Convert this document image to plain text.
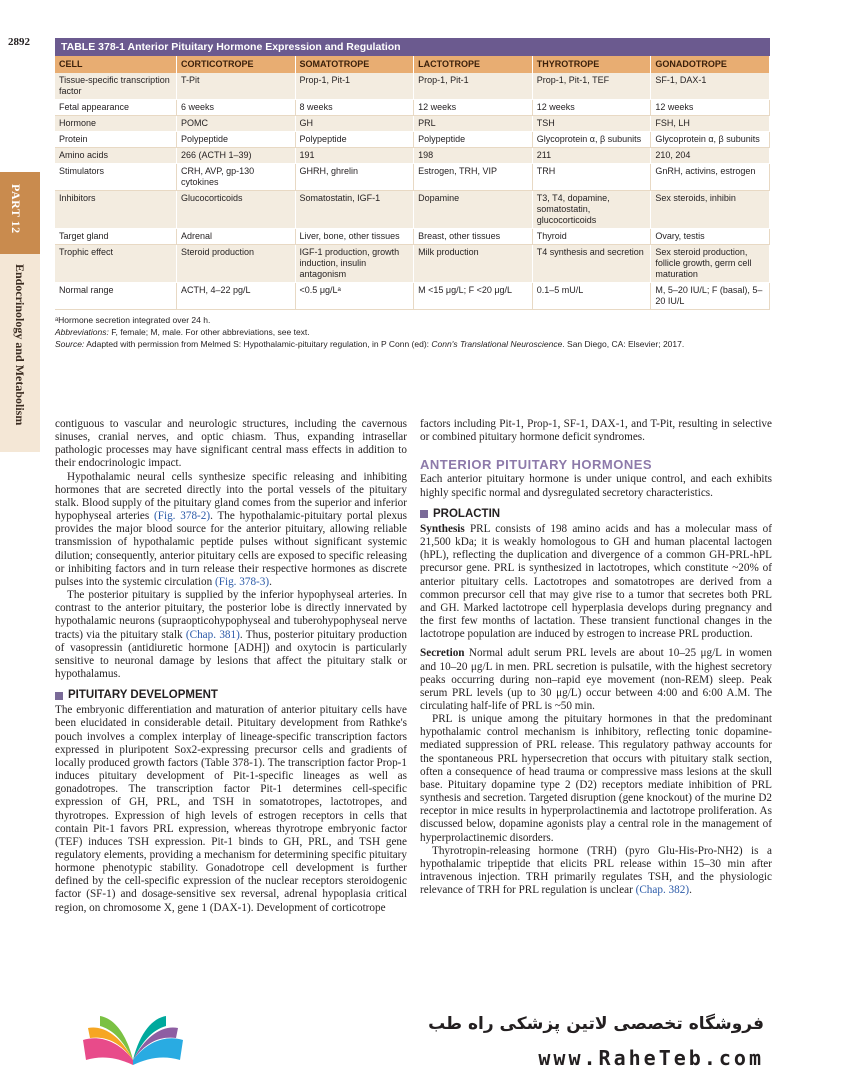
2892
PART 12
Endocrinology and Metabolism
TABLE 378-1 Anterior Pituitary Hormone Expression and Regulation
CELL	CORTICOTROPE	SOMATOTROPE	LACTOTROPE	THYROTROPE	GONADOTROPE
Tissue-specific transcription factor	T-Pit	Prop-1, Pit-1	Prop-1, Pit-1	Prop-1, Pit-1, TEF	SF-1, DAX-1
Fetal appearance	6 weeks	8 weeks	12 weeks	12 weeks	12 weeks
Hormone	POMC	GH	PRL	TSH	FSH, LH
Protein	Polypeptide	Polypeptide	Polypeptide	Glycoprotein α, β subunits	Glycoprotein α, β subunits
Amino acids	266 (ACTH 1–39)	191	198	211	210, 204
Stimulators	CRH, AVP, gp-130 cytokines	GHRH, ghrelin	Estrogen, TRH, VIP	TRH	GnRH, activins, estrogen
Inhibitors	Glucocorticoids	Somatostatin, IGF-1	Dopamine	T3, T4, dopamine, somatostatin, glucocorticoids	Sex steroids, inhibin
Target gland	Adrenal	Liver, bone, other tissues	Breast, other tissues	Thyroid	Ovary, testis
Trophic effect	Steroid production	IGF-1 production, growth induction, insulin antagonism	Milk production	T4 synthesis and secretion	Sex steroid production, follicle growth, germ cell maturation
Normal range	ACTH, 4–22 pg/L	<0.5 μg/Lᵃ	M <15 μg/L; F <20 μg/L	0.1–5 mU/L	M, 5–20 IU/L; F (basal), 5–20 IU/L
ᵃHormone secretion integrated over 24 h.
Abbreviations: F, female; M, male. For other abbreviations, see text.
Source: Adapted with permission from Melmed S: Hypothalamic-pituitary regulation, in P Conn (ed): Conn's Translational Neuroscience. San Diego, CA: Elsevier; 2017.

contiguous to vascular and neurologic structures, including the cavernous sinuses, cranial nerves, and optic chiasm. Thus, expanding intrasellar pathologic processes may have significant central mass effects in addition to their endocrinologic impact.

Hypothalamic neural cells synthesize specific releasing and inhibiting hormones that are secreted directly into the portal vessels of the pituitary stalk. Blood supply of the pituitary gland comes from the superior and inferior hypophyseal arteries (Fig. 378-2). The hypothalamic-pituitary portal plexus provides the major blood source for the anterior pituitary, allowing reliable transmission of hypothalamic peptide pulses without significant systemic dilution; consequently, anterior pituitary cells are exposed to specific releasing or inhibiting factors and in turn release their respective hormones as discrete pulses into the systemic circulation (Fig. 378-3).

The posterior pituitary is supplied by the inferior hypophyseal arteries. In contrast to the anterior pituitary, the posterior lobe is directly innervated by hypothalamic neurons (supraopticohypophyseal and tuberohypophyseal nerve tracts) via the pituitary stalk (Chap. 381). Thus, posterior pituitary production of vasopressin (antidiuretic hormone [ADH]) and oxytocin is particularly sensitive to neuronal damage by lesions that affect the pituitary stalk or hypothalamus.

PITUITARY DEVELOPMENT

The embryonic differentiation and maturation of anterior pituitary cells have been elucidated in considerable detail. Pituitary development from Rathke's pouch involves a complex interplay of lineage-specific transcription factors expressed in pluripotent Sox2-expressing precursor cells and gradients of locally produced growth factors (Table 378-1). The transcription factor Prop-1 induces pituitary development of Pit-1-specific lineages as well as gonadotropes. The transcription factor Pit-1 determines cell-specific expression of GH, PRL, and TSH in somatotropes, lactotropes, and thyrotropes. Expression of high levels of estrogen receptors in cells that contain Pit-1 favors PRL expression, whereas thyrotrope embryonic factor (TEF) induces TSH expression. Pit-1 binds to GH, PRL, and TSH gene regulatory elements, providing a mechanism for determining specific pituitary hormone phenotypic stability. Gonadotrope cell development is further defined by the cell-specific expression of the nuclear receptors steroidogenic factor (SF-1) and dosage-sensitive sex reversal, adrenal hypoplasia critical region, on chromosome X, gene 1 (DAX-1). Development of corticotrope

factors including Pit-1, Prop-1, SF-1, DAX-1, and T-Pit, resulting in selective or combined pituitary hormone deficit syndromes.

ANTERIOR PITUITARY HORMONES

Each anterior pituitary hormone is under unique control, and each exhibits highly specific normal and dysregulated secretory characteristics.

PROLACTIN

Synthesis PRL consists of 198 amino acids and has a molecular mass of 21,500 kDa; it is weakly homologous to GH and human placental lactogen (hPL), reflecting the duplication and divergence of a common GH-PRL-hPL precursor gene. PRL is synthesized in lactotropes, which constitute ~20% of anterior pituitary cells. Lactotropes and somatotropes are derived from a common precursor cell that may give rise to a tumor that secretes both PRL and GH. Marked lactotrope cell hyperplasia develops during pregnancy and the first few months of lactation. These transient functional changes in the lactotrope population are induced by estrogen to increase PRL production.

Secretion Normal adult serum PRL levels are about 10–25 μg/L in women and 10–20 μg/L in men. PRL secretion is pulsatile, with the highest secretory peaks occurring during non–rapid eye movement (non-REM) sleep. Peak serum PRL levels (up to 30 μg/L) occur between 4:00 and 6:00 A.M. The circulating half-life of PRL is ~50 min.

PRL is unique among the pituitary hormones in that the predominant hypothalamic control mechanism is inhibitory, reflecting tonic dopamine-mediated suppression of PRL release. This regulatory pathway accounts for the spontaneous PRL hypersecretion that occurs with pituitary stalk section, often a consequence of head trauma or compressive mass lesions at the skull base. Pituitary dopamine type 2 (D2) receptors mediate inhibition of PRL synthesis and secretion. Targeted disruption (gene knockout) of the murine D2 receptor in mice results in hyperprolactinemia and lactotrope proliferation. As discussed below, dopamine agonists play a central role in the management of hyperprolactinemic disorders.

Thyrotropin-releasing hormone (TRH) (pyro Glu-His-Pro-NH2) is a hypothalamic tripeptide that elicits PRL release within 15–30 min after intravenous injection. TRH primarily regulates TSH, and the physiologic relevance of TRH for PRL regulation is unclear (Chap. 382).

فروشگاه تخصصی لاتین پزشکی راه طب
www.RaheTeb.com
